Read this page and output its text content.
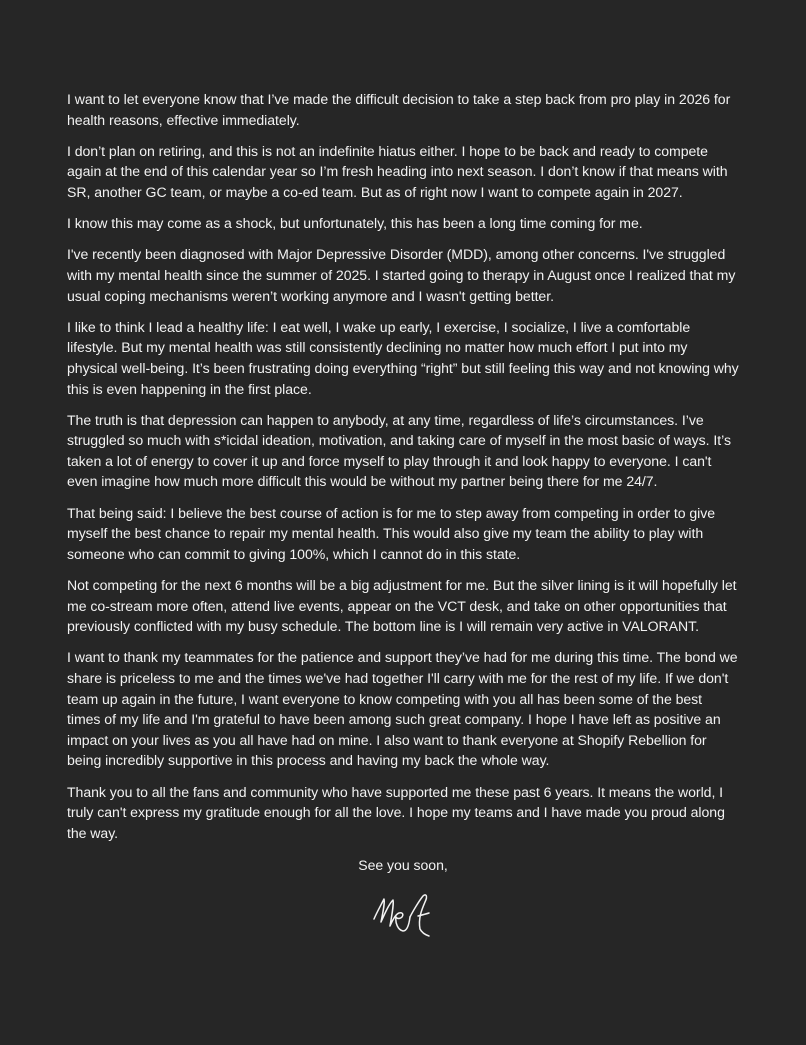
I want to let everyone know that I’ve made the difficult decision to take a step back from pro play in 2026 for health reasons, effective immediately.

I don’t plan on retiring, and this is not an indefinite hiatus either. I hope to be back and ready to compete again at the end of this calendar year so I’m fresh heading into next season. I don’t know if that means with SR, another GC team, or maybe a co-ed team. But as of right now I want to compete again in 2027.

I know this may come as a shock, but unfortunately, this has been a long time coming for me.

I've recently been diagnosed with Major Depressive Disorder (MDD), among other concerns. I've struggled with my mental health since the summer of 2025. I started going to therapy in August once I realized that my usual coping mechanisms weren’t working anymore and I wasn't getting better.

I like to think I lead a healthy life: I eat well, I wake up early, I exercise, I socialize, I live a comfortable lifestyle. But my mental health was still consistently declining no matter how much effort I put into my physical well-being. It’s been frustrating doing everything “right” but still feeling this way and not knowing why this is even happening in the first place.

The truth is that depression can happen to anybody, at any time, regardless of life’s circumstances. I’ve struggled so much with s*icidal ideation, motivation, and taking care of myself in the most basic of ways. It’s taken a lot of energy to cover it up and force myself to play through it and look happy to everyone. I can't even imagine how much more difficult this would be without my partner being there for me 24/7.

That being said: I believe the best course of action is for me to step away from competing in order to give myself the best chance to repair my mental health. This would also give my team the ability to play with someone who can commit to giving 100%, which I cannot do in this state.

Not competing for the next 6 months will be a big adjustment for me. But the silver lining is it will hopefully let me co-stream more often, attend live events, appear on the VCT desk, and take on other opportunities that previously conflicted with my busy schedule. The bottom line is I will remain very active in VALORANT.

I want to thank my teammates for the patience and support they’ve had for me during this time. The bond we share is priceless to me and the times we've had together I'll carry with me for the rest of my life. If we don't team up again in the future, I want everyone to know competing with you all has been some of the best times of my life and I'm grateful to have been among such great company. I hope I have left as positive an impact on your lives as you all have had on mine. I also want to thank everyone at Shopify Rebellion for being incredibly supportive in this process and having my back the whole way.

Thank you to all the fans and community who have supported me these past 6 years. It means the world, I truly can't express my gratitude enough for all the love. I hope my teams and I have made you proud along the way.

See you soon,
